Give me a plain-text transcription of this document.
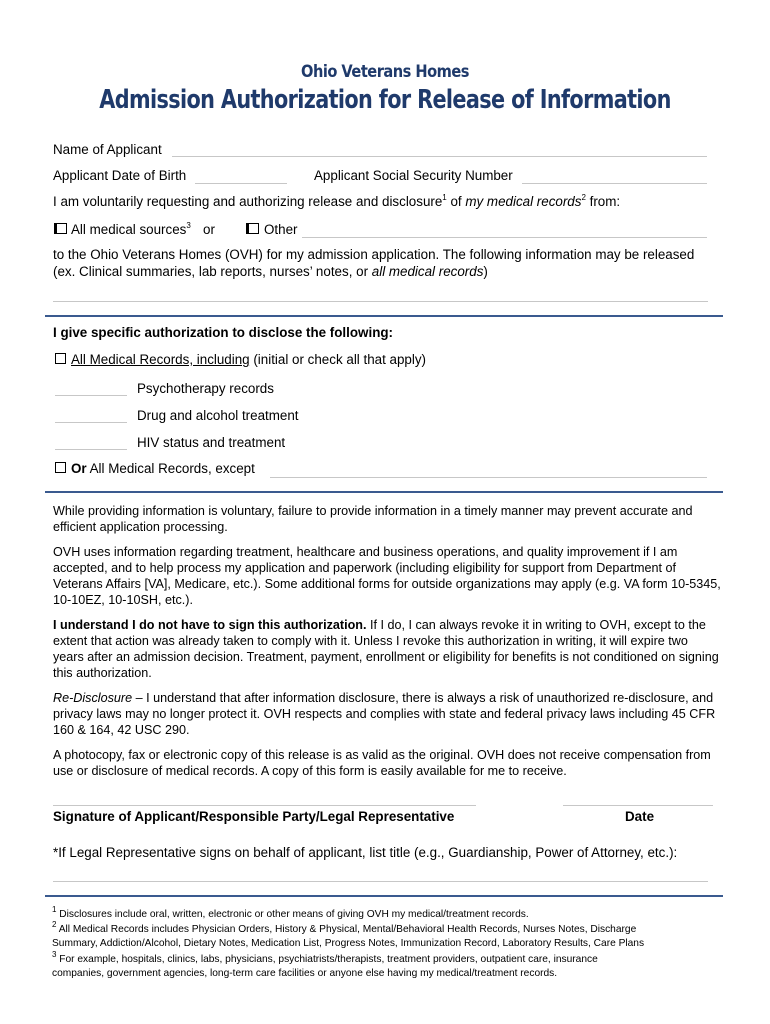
Ohio Veterans Homes
Admission Authorization for Release of Information
Name of Applicant
Applicant Date of Birth	Applicant Social Security Number
I am voluntarily requesting and authorizing release and disclosure$^1$ of my medical records$^2$ from:
All medical sources$^3$ or	Other
to the Ohio Veterans Homes (OVH) for my admission application. The following information may be released
(ex. Clinical summaries, lab reports, nurses’ notes, or all medical records)
I give specific authorization to disclose the following:
All Medical Records, including (initial or check all that apply)
Psychotherapy records
Drug and alcohol treatment
HIV status and treatment
Or All Medical Records, except
While providing information is voluntary, failure to provide information in a timely manner may prevent accurate and efficient application processing.
OVH uses information regarding treatment, healthcare and business operations, and quality improvement if I am accepted, and to help process my application and paperwork (including eligibility for support from Department of Veterans Affairs [VA], Medicare, etc.). Some additional forms for outside organizations may apply (e.g. VA form 10-5345, 10-10EZ, 10-10SH, etc.).
I understand I do not have to sign this authorization. If I do, I can always revoke it in writing to OVH, except to the extent that action was already taken to comply with it. Unless I revoke this authorization in writing, it will expire two years after an admission decision. Treatment, payment, enrollment or eligibility for benefits is not conditioned on signing this authorization.
Re-Disclosure – I understand that after information disclosure, there is always a risk of unauthorized re-disclosure, and privacy laws may no longer protect it. OVH respects and complies with state and federal privacy laws including 45 CFR 160 & 164, 42 USC 290.
A photocopy, fax or electronic copy of this release is as valid as the original. OVH does not receive compensation from use or disclosure of medical records. A copy of this form is easily available for me to receive.
Signature of Applicant/Responsible Party/Legal Representative	Date
*If Legal Representative signs on behalf of applicant, list title (e.g., Guardianship, Power of Attorney, etc.):
$^1$ Disclosures include oral, written, electronic or other means of giving OVH my medical/treatment records.
$^2$ All Medical Records includes Physician Orders, History & Physical, Mental/Behavioral Health Records, Nurses Notes, Discharge
Summary, Addiction/Alcohol, Dietary Notes, Medication List, Progress Notes, Immunization Record, Laboratory Results, Care Plans
$^3$ For example, hospitals, clinics, labs, physicians, psychiatrists/therapists, treatment providers, outpatient care, insurance
companies, government agencies, long-term care facilities or anyone else having my medical/treatment records.
